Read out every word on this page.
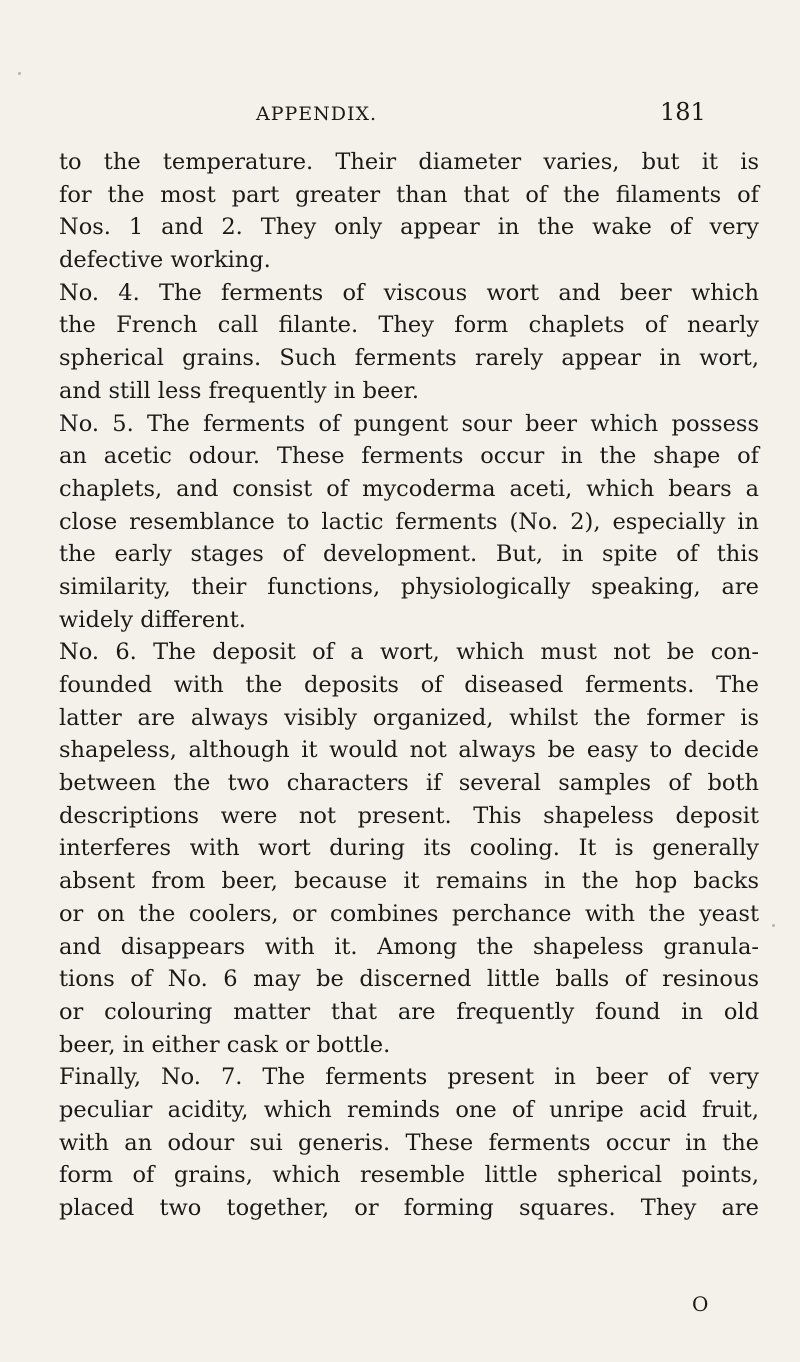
APPENDIX.	181
to the temperature. Their diameter varies, but it is
for the most part greater than that of the filaments of
Nos. 1 and 2. They only appear in the wake of very
defective working.
No. 4. The ferments of viscous wort and beer which
the French call filante. They form chaplets of nearly
spherical grains. Such ferments rarely appear in wort,
and still less frequently in beer.
No. 5. The ferments of pungent sour beer which possess
an acetic odour. These ferments occur in the shape of
chaplets, and consist of mycoderma aceti, which bears a
close resemblance to lactic ferments (No. 2), especially in
the early stages of development. But, in spite of this
similarity, their functions, physiologically speaking, are
widely different.
No. 6. The deposit of a wort, which must not be con-
founded with the deposits of diseased ferments. The
latter are always visibly organized, whilst the former is
shapeless, although it would not always be easy to decide
between the two characters if several samples of both
descriptions were not present. This shapeless deposit
interferes with wort during its cooling. It is generally
absent from beer, because it remains in the hop backs
or on the coolers, or combines perchance with the yeast
and disappears with it. Among the shapeless granula-
tions of No. 6 may be discerned little balls of resinous
or colouring matter that are frequently found in old
beer, in either cask or bottle.
Finally, No. 7. The ferments present in beer of very
peculiar acidity, which reminds one of unripe acid fruit,
with an odour sui generis. These ferments occur in the
form of grains, which resemble little spherical points,
placed two together, or forming squares. They are
O
